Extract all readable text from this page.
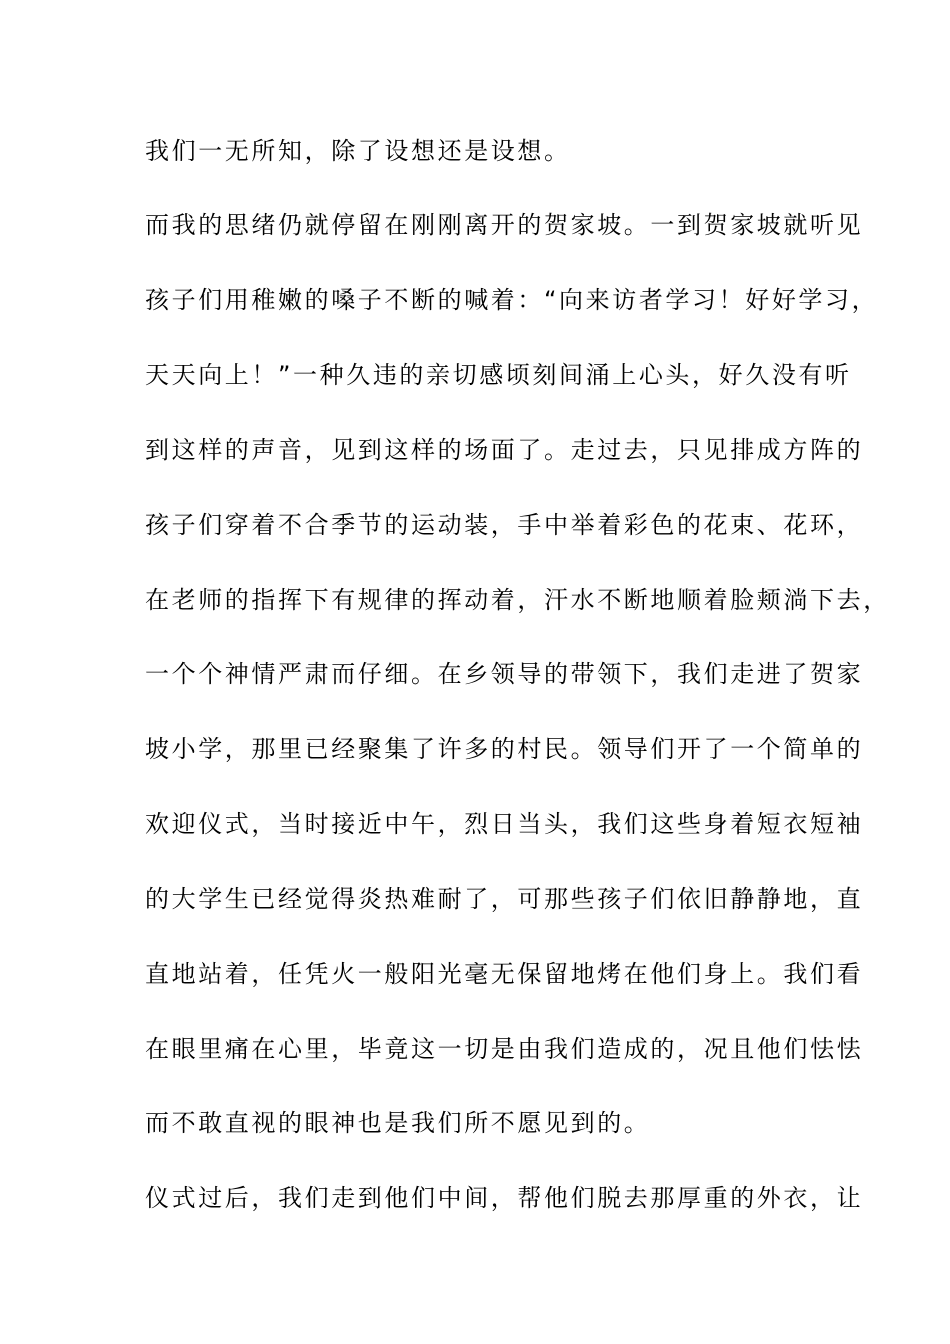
我们一无所知，除了设想还是设想。
而我的思绪仍就停留在刚刚离开的贺家坡。一到贺家坡就听见
孩子们用稚嫩的嗓子不断的喊着：“向来访者学习！好好学习，
天天向上！”一种久违的亲切感顷刻间涌上心头，好久没有听
到这样的声音，见到这样的场面了。走过去，只见排成方阵的
孩子们穿着不合季节的运动装，手中举着彩色的花束、花环，
在老师的指挥下有规律的挥动着，汗水不断地顺着脸颊淌下去，
一个个神情严肃而仔细。在乡领导的带领下，我们走进了贺家
坡小学，那里已经聚集了许多的村民。领导们开了一个简单的
欢迎仪式，当时接近中午，烈日当头，我们这些身着短衣短袖
的大学生已经觉得炎热难耐了，可那些孩子们依旧静静地，直
直地站着，任凭火一般阳光毫无保留地烤在他们身上。我们看
在眼里痛在心里，毕竟这一切是由我们造成的，况且他们怯怯
而不敢直视的眼神也是我们所不愿见到的。
仪式过后，我们走到他们中间，帮他们脱去那厚重的外衣，让
